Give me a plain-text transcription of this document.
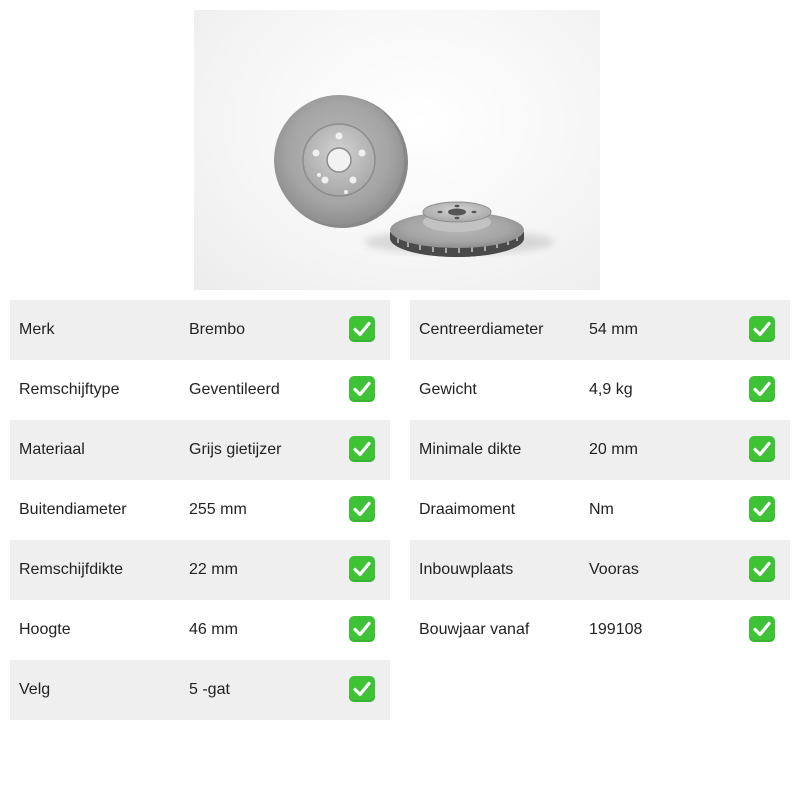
Merk	Brembo
Remschijftype	Geventileerd
Materiaal	Grijs gietijzer
Buitendiameter	255 mm
Remschijfdikte	22 mm
Hoogte	46 mm
Velg	5 -gat
Centreerdiameter	54 mm
Gewicht	4,9 kg
Minimale dikte	20 mm
Draaimoment	Nm
Inbouwplaats	Vooras
Bouwjaar vanaf	199108
